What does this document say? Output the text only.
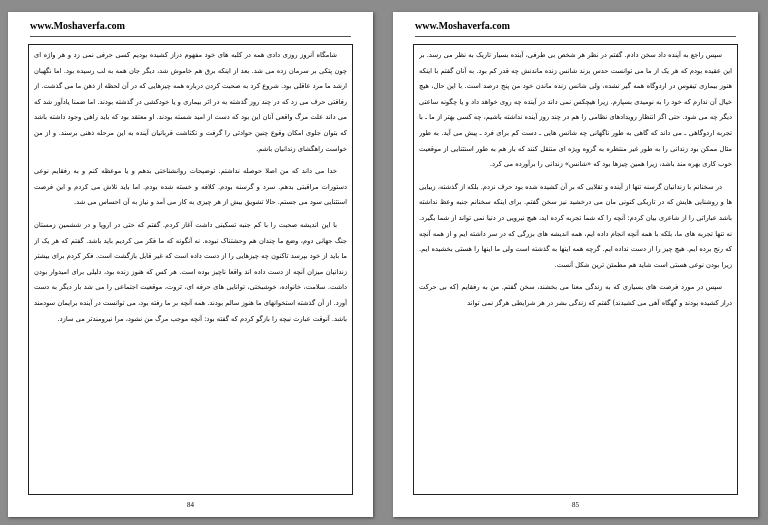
www.Moshaverfa.com

شامگاه آنروز روزی دادی همه در کلبه های خود مفهوم دراز کشیده بودیم کسی حرفی نمی زد و هر واژه ای چون پتکی بر سرمان زده می شد. بعد از اینکه برق هم خاموش شد، دیگر جان همه به لب رسیده بود. اما نگهبان ارشد ما مرد عاقلی بود. شروع کرد به صحبت کردن درباره همه چیزهایی که در آن لحظه از ذهن ما می گذشت. از رفاقتی حرف می زد که در چند روز گذشته به در اثر بیماری و یا خودکشی در گذشته بودند. اما ضمنا یادآور شد که می داند علت مرگ واقعی آنان این بود که دست از امید شسته بودند. او معتقد بود که باید راهی وجود داشته باشد که بتوان جلوی امکان وقوع چنین حوادثی را گرفت و تکتاشت قربانیان آینده به این مرحله ذهنی برسند. و از من خواست راهگشای زندانیان باشم.

خدا می داند که من اصلا حوصله نداشتم. توضیحات روانشناختی بدهم و یا موعظه کنم و به رفقایم نوعی دستورات مراقبتی بدهم. سرد و گرسنه بودم. کلافه و خسته شده بودم. اما باید تلاش می کردم و این فرصت استثنایی سود می جستم. حالا تشویق بیش از هر چیزی به کار می آمد و نیاز به آن احساس می شد.

با این اندیشه صحبت را با کم جنبه تسکینی داشت آغاز کردم. گفتم که حتی در اروپا و در ششمین زمستان جنگ جهانی دوم، وضع ما چندان هم وحشتناک نبوده. نه آنگونه که ما فکر می کردیم باید باشد. گفتم که هر یک از ما باید از خود بپرسد تاکنون چه چیزهایی را از دست داده است که غیر قابل بازگشت است. فکر کردم برای بیشتر زندانیان میزان آنچه از دست داده اند واقعا ناچیز بوده است. هر کس که هنوز زنده بود، دلیلی برای امیدوار بودن داشت. سلامت، خانواده، خوشبختی، توانایی های حرفه ای، ثروت، موقعیت اجتماعی را می شد بار دیگر به دست آورد. از آن گذشته استخوانهای ما هنوز سالم بودند. همه آنچه بر ما رفته بود، می توانست در آینده برایمان سودمند باشد. آنوقت عبارت نیچه را بازگو کردم که گفته بود: آنچه موجب مرگ من نشود، مرا نیرومندتر می سازد.

84
www.Moshaverfa.com

سپس راجع به آینده داد سخن دادم. گفتم در نظر هر شخص بی طرفی، آینده بسیار تاریک به نظر می رسد. بر این عقیده بودم که هر یک از ما می توانست حدس بزند شانس زنده ماندنش چه قدر کم بود. به آنان گفتم با اینکه هنوز بیماری تیفوس در اردوگاه همه گیر نشده، ولی شانس زنده ماندن خود من پنج درصد است. با این حال، هیچ خیال آن ندارم که خود را به نومیدی بسپارم. زیرا هیچکس نمی داند در آینده چه روی خواهد داد و یا چگونه ساعتی دیگر چه می شود. حتی اگر انتظار رویدادهای نظامی را هم در چند روز آینده نداشته باشیم، چه کسی بهتر از ما ـ با تجربه اردوگاهی ـ می داند که گاهی به طور ناگهانی چه شانس هایی ـ دست کم برای فرد ـ پیش می آید. به طور مثال ممکن بود زندانی را به طور غیر منتظره به گروه ویژه ای منتقل کنند که بار هم به طور استثنایی از موقعیت خوب کاری بهره مند باشد، زیرا همین چیزها بود که «شانس» زندانی را برآورده می کرد.

در سخنانم با زندانیان گرسنه تنها از آینده و تقلایی که بر آن کشیده شده بود حرف نزدم. بلکه از گذشته، زیبایی ها و روشنایی هایش که در تاریکی کنونی مان می درخشید نیز سخن گفتم. برای اینکه سخنانم جنبه وعظ نداشته باشد عباراتی را از شاعری بیان کردم: آنچه را که شما تجربه کرده اید، هیچ نیرویی در دنیا نمی تواند از شما بگیرد. نه تنها تجربه های ما، بلکه با همه آنچه انجام داده ایم، همه اندیشه های بزرگی که در سر داشته ایم و از همه آنچه که رنج برده ایم. هیچ چیز را از دست نداده ایم. گرچه همه اینها به گذشته است ولی ما اینها را هستی بخشیده ایم. زیرا بودن نوعی هستی است شاید هم مطمئن ترین شکل آنست.

سپس در مورد فرصت های بسیاری که به زندگی معنا می بخشند، سخن گفتم. من به رفقایم (که بی حرکت دراز کشیده بودند و گهگاه آهی می کشیدند) گفتم که زندگی بشر در هر شرایطی هرگز نمی تواند

85
